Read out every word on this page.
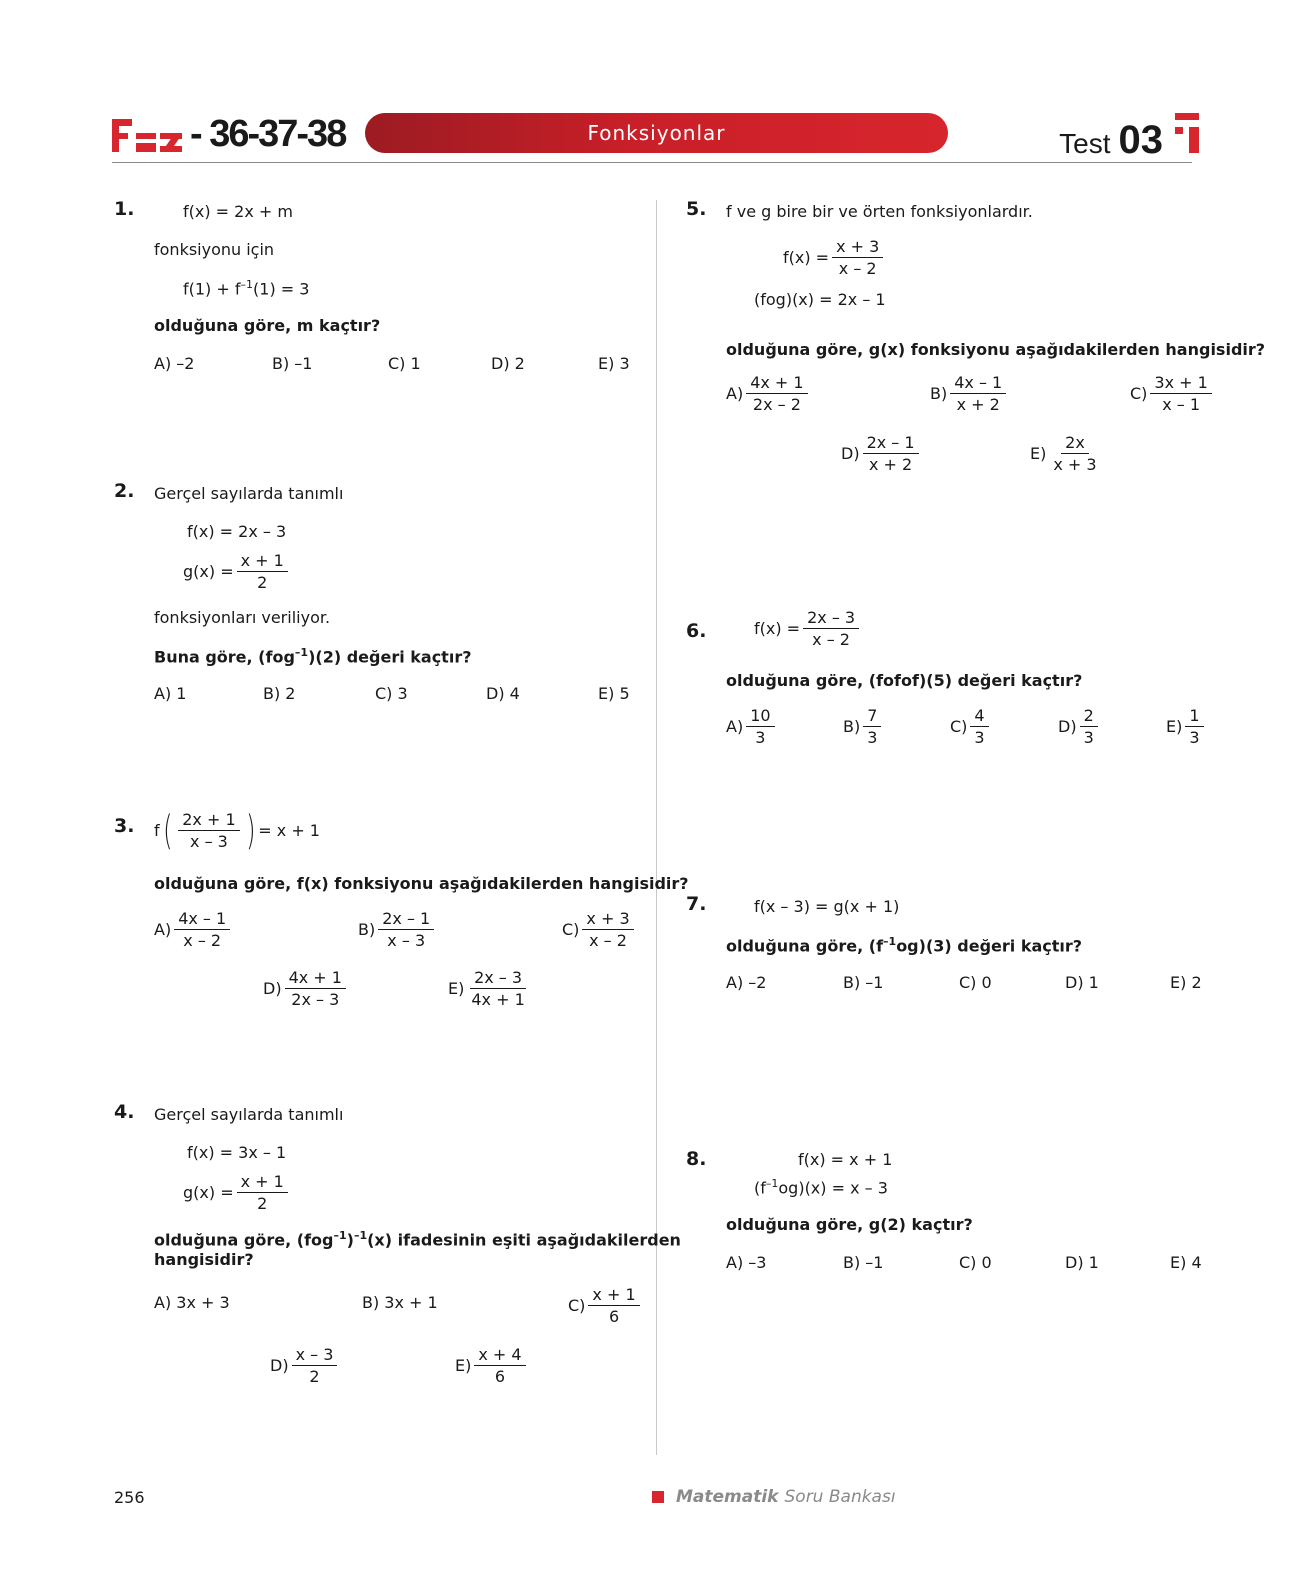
- 36-37-38	Fonksiyonlar	Test 03
1.	f(x) = 2x + m
fonksiyonu için
$f(1) + f^{-1}(1) = 3$
olduğuna göre, m kaçtır?
A) –2	B) –1	C) 1	D) 2	E) 3
2. Gerçel sayılarda tanımlı
f(x) = 2x – 3
$g(x) = \frac{x + 1}{2}$
fonksiyonları veriliyor.
Buna göre, (fog$^{-1}$)(2) değeri kaçtır?
A) 1	B) 2	C) 3	D) 4	E) 5
3. f ( $\frac{2x + 1}{x - 3}$ ) = x + 1
olduğuna göre, f(x) fonksiyonu aşağıdakilerden hangisidir?
$A) \frac{4x - 1}{x - 2}$	$B) \frac{2x - 1}{x - 3}$	$C) \frac{x + 3}{x - 2}$
$D) \frac{4x + 1}{2x - 3}$	$E) \frac{2x - 3}{4x + 1}$
4. Gerçel sayılarda tanımlı
f(x) = 3x – 1
$g(x) = \frac{x + 1}{2}$
olduğuna göre, $(fog^{-1})^{-1}(x)$ ifadesinin eşiti aşağıdakilerden
hangisidir?
A) 3x + 3	B) 3x + 1	$C) \frac{x + 1}{6}$
$D) \frac{x - 3}{2}$	$E) \frac{x + 4}{6}$
5. f ve g bire bir ve örten fonksiyonlardır.
$f(x) = \frac{x + 3}{x - 2}$
(fog)(x) = 2x – 1
olduğuna göre, g(x) fonksiyonu aşağıdakilerden hangisidir?
$A) \frac{4x + 1}{2x - 2}$	$B) \frac{4x - 1}{x + 2}$	$C) \frac{3x + 1}{x - 1}$
$D) \frac{2x - 1}{x + 2}$	$E) \frac{2x}{x + 3}$
6.	$f(x) = \frac{2x - 3}{x - 2}$
olduğuna göre, (fofof)(5) değeri kaçtır?
$A) \frac{10}{3}$	$B) \frac{7}{3}$	$C) \frac{4}{3}$	$D) \frac{2}{3}$	$E) \frac{1}{3}$
7.	f(x – 3) = g(x + 1)
olduğuna göre, $(f^{-1}og)(3)$ değeri kaçtır?
A) –2	B) –1	C) 0	D) 1	E) 2
8.	f(x) = x + 1
$(f^{-1}og)(x) = x - 3$
olduğuna göre, g(2) kaçtır?
A) –3	B) –1	C) 0	D) 1	E) 4
256	Matematik Soru Bankası
